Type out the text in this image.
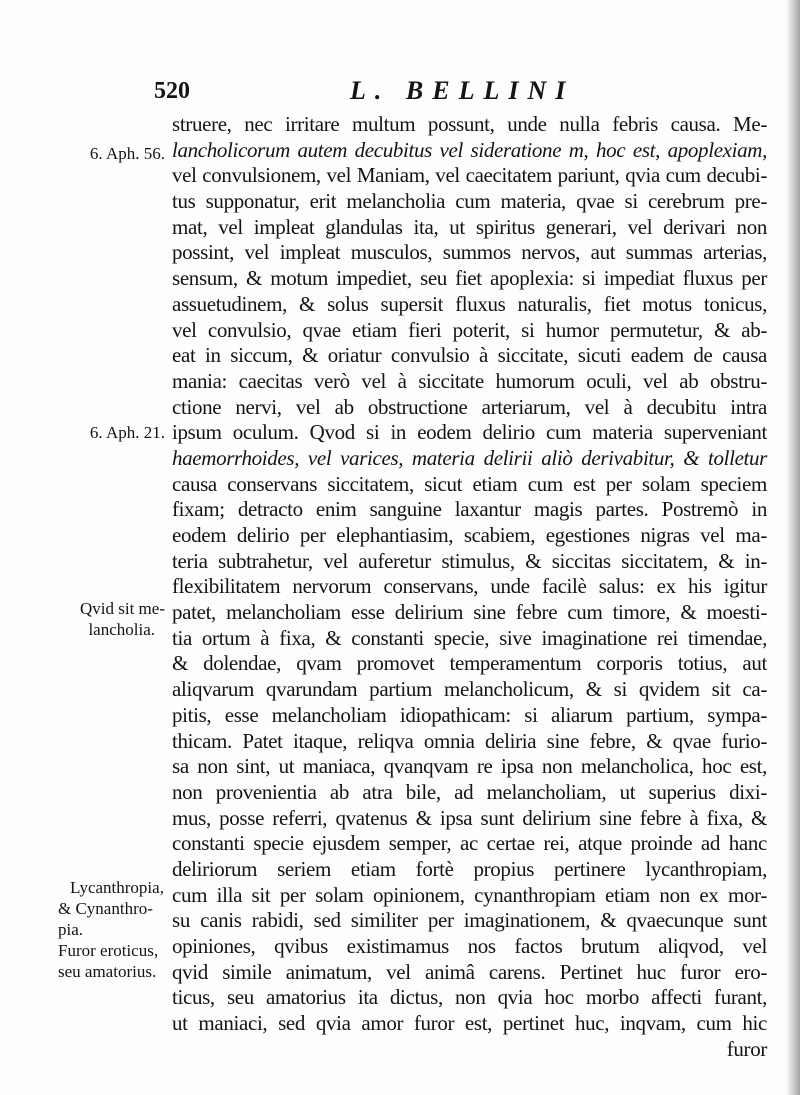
520	L. BELLINI
6. Aph. 56.
6. Aph. 21.
Qvid sit me-
lancholia.
Lycanthropia,
& Cynanthro-
pia.
Furor eroticus,
seu amatorius.
struere, nec irritare multum possunt, unde nulla febris causa. Me-
lancholicorum autem decubitus vel sideratione m, hoc est, apoplexiam,
vel convulsionem, vel Maniam, vel caecitatem pariunt, qvia cum decubi-
tus supponatur, erit melancholia cum materia, qvae si cerebrum pre-
mat, vel impleat glandulas ita, ut spiritus generari, vel derivari non
possint, vel impleat musculos, summos nervos, aut summas arterias,
sensum, & motum impediet, seu fiet apoplexia: si impediat fluxus per
assuetudinem, & solus supersit fluxus naturalis, fiet motus tonicus,
vel convulsio, qvae etiam fieri poterit, si humor permutetur, & ab-
eat in siccum, & oriatur convulsio à siccitate, sicuti eadem de causa
mania: caecitas verò vel à siccitate humorum oculi, vel ab obstru-
ctione nervi, vel ab obstructione arteriarum, vel à decubitu intra
ipsum oculum. Qvod si in eodem delirio cum materia superveniant
haemorrhoides, vel varices, materia delirii aliò derivabitur, & tolletur
causa conservans siccitatem, sicut etiam cum est per solam speciem
fixam; detracto enim sanguine laxantur magis partes. Postremò in
eodem delirio per elephantiasim, scabiem, egestiones nigras vel ma-
teria subtrahetur, vel auferetur stimulus, & siccitas siccitatem, & in-
flexibilitatem nervorum conservans, unde facilè salus: ex his igitur
patet, melancholiam esse delirium sine febre cum timore, & moesti-
tia ortum à fixa, & constanti specie, sive imaginatione rei timendae,
& dolendae, qvam promovet temperamentum corporis totius, aut
aliqvarum qvarundam partium melancholicum, & si qvidem sit ca-
pitis, esse melancholiam idiopathicam: si aliarum partium, sympa-
thicam. Patet itaque, reliqva omnia deliria sine febre, & qvae furio-
sa non sint, ut maniaca, qvanqvam re ipsa non melancholica, hoc est,
non provenientia ab atra bile, ad melancholiam, ut superius dixi-
mus, posse referri, qvatenus & ipsa sunt delirium sine febre à fixa, &
constanti specie ejusdem semper, ac certae rei, atque proinde ad hanc
deliriorum seriem etiam fortè propius pertinere lycanthropiam,
cum illa sit per solam opinionem, cynanthropiam etiam non ex mor-
su canis rabidi, sed similiter per imaginationem, & qvaecunque sunt
opiniones, qvibus existimamus nos factos brutum aliqvod, vel
qvid simile animatum, vel animâ carens. Pertinet huc furor ero-
ticus, seu amatorius ita dictus, non qvia hoc morbo affecti furant,
ut maniaci, sed qvia amor furor est, pertinet huc, inqvam, cum hic
furor
